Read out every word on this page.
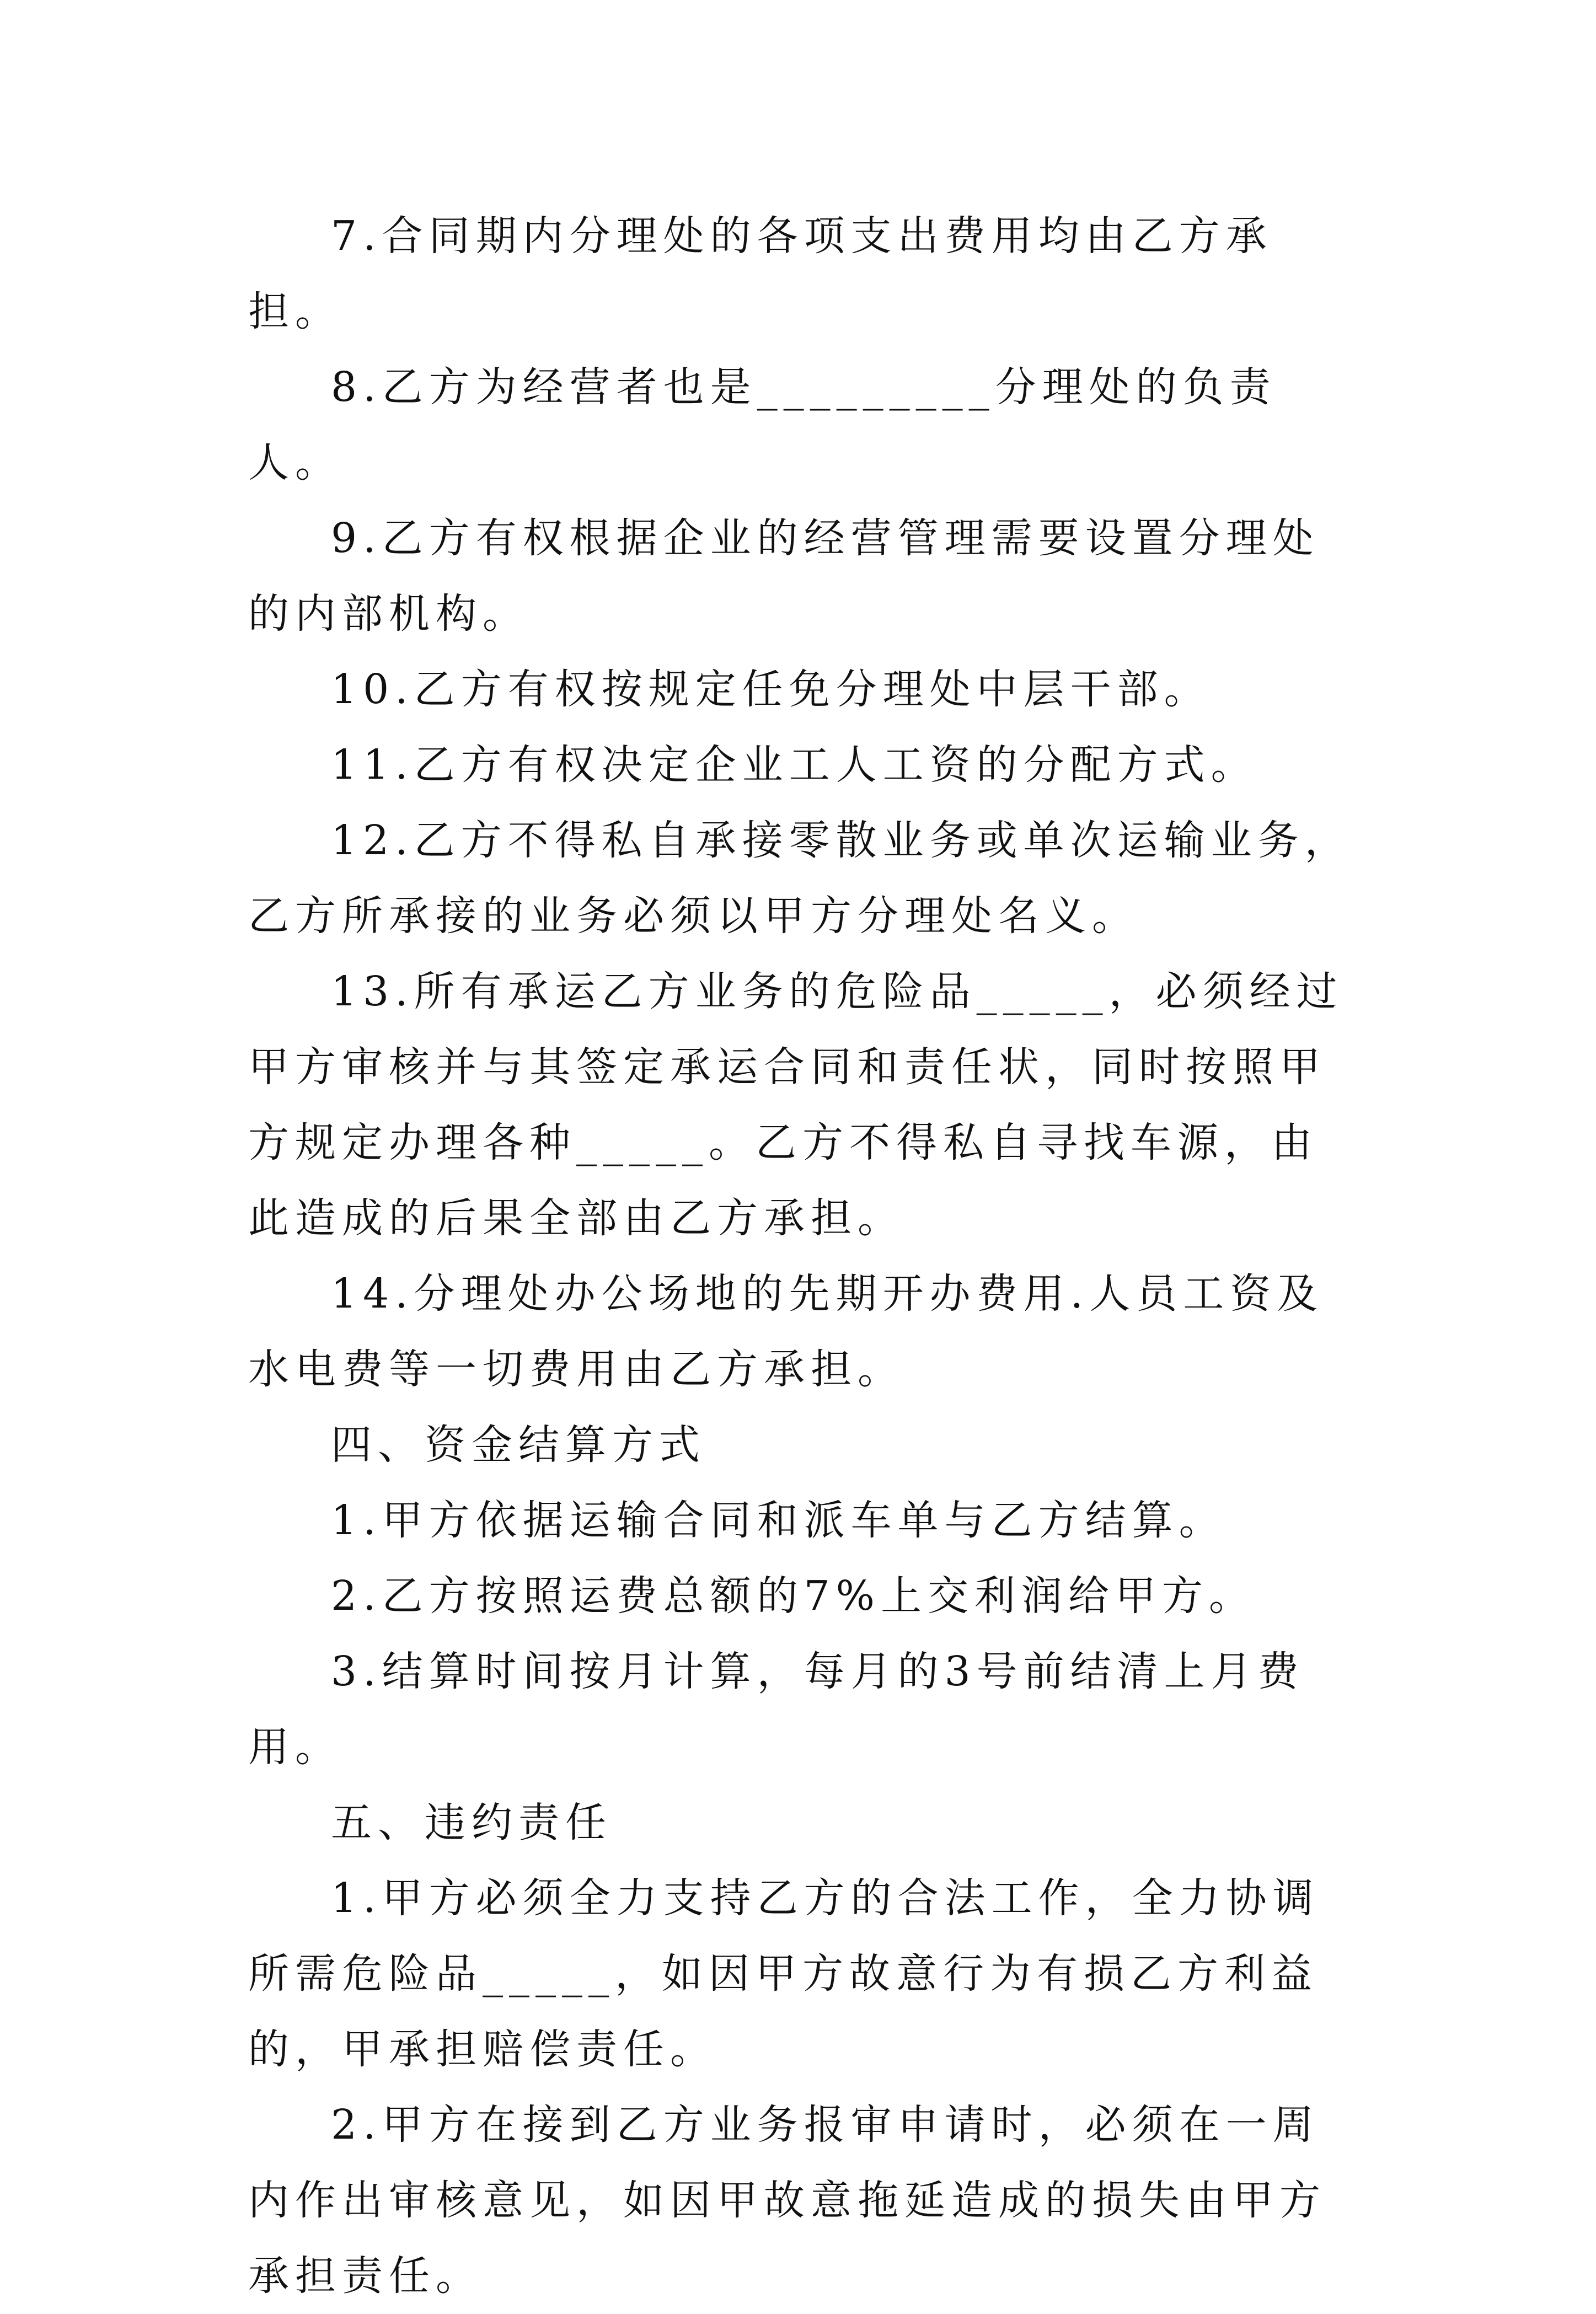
7.合同期内分理处的各项支出费用均由乙方承担。

8.乙方为经营者也是_________分理处的负责人。

9.乙方有权根据企业的经营管理需要设置分理处的内部机构。

10.乙方有权按规定任免分理处中层干部。

11.乙方有权决定企业工人工资的分配方式。

12.乙方不得私自承接零散业务或单次运输业务，乙方所承接的业务必须以甲方分理处名义。

13.所有承运乙方业务的危险品_____，必须经过甲方审核并与其签定承运合同和责任状，同时按照甲方规定办理各种_____。乙方不得私自寻找车源，由此造成的后果全部由乙方承担。

14.分理处办公场地的先期开办费用.人员工资及水电费等一切费用由乙方承担。

四、资金结算方式

1.甲方依据运输合同和派车单与乙方结算。

2.乙方按照运费总额的7%上交利润给甲方。

3.结算时间按月计算，每月的3号前结清上月费用。

五、违约责任

1.甲方必须全力支持乙方的合法工作，全力协调所需危险品_____，如因甲方故意行为有损乙方利益的，甲承担赔偿责任。

2.甲方在接到乙方业务报审申请时，必须在一周内作出审核意见，如因甲故意拖延造成的损失由甲方承担责任。
